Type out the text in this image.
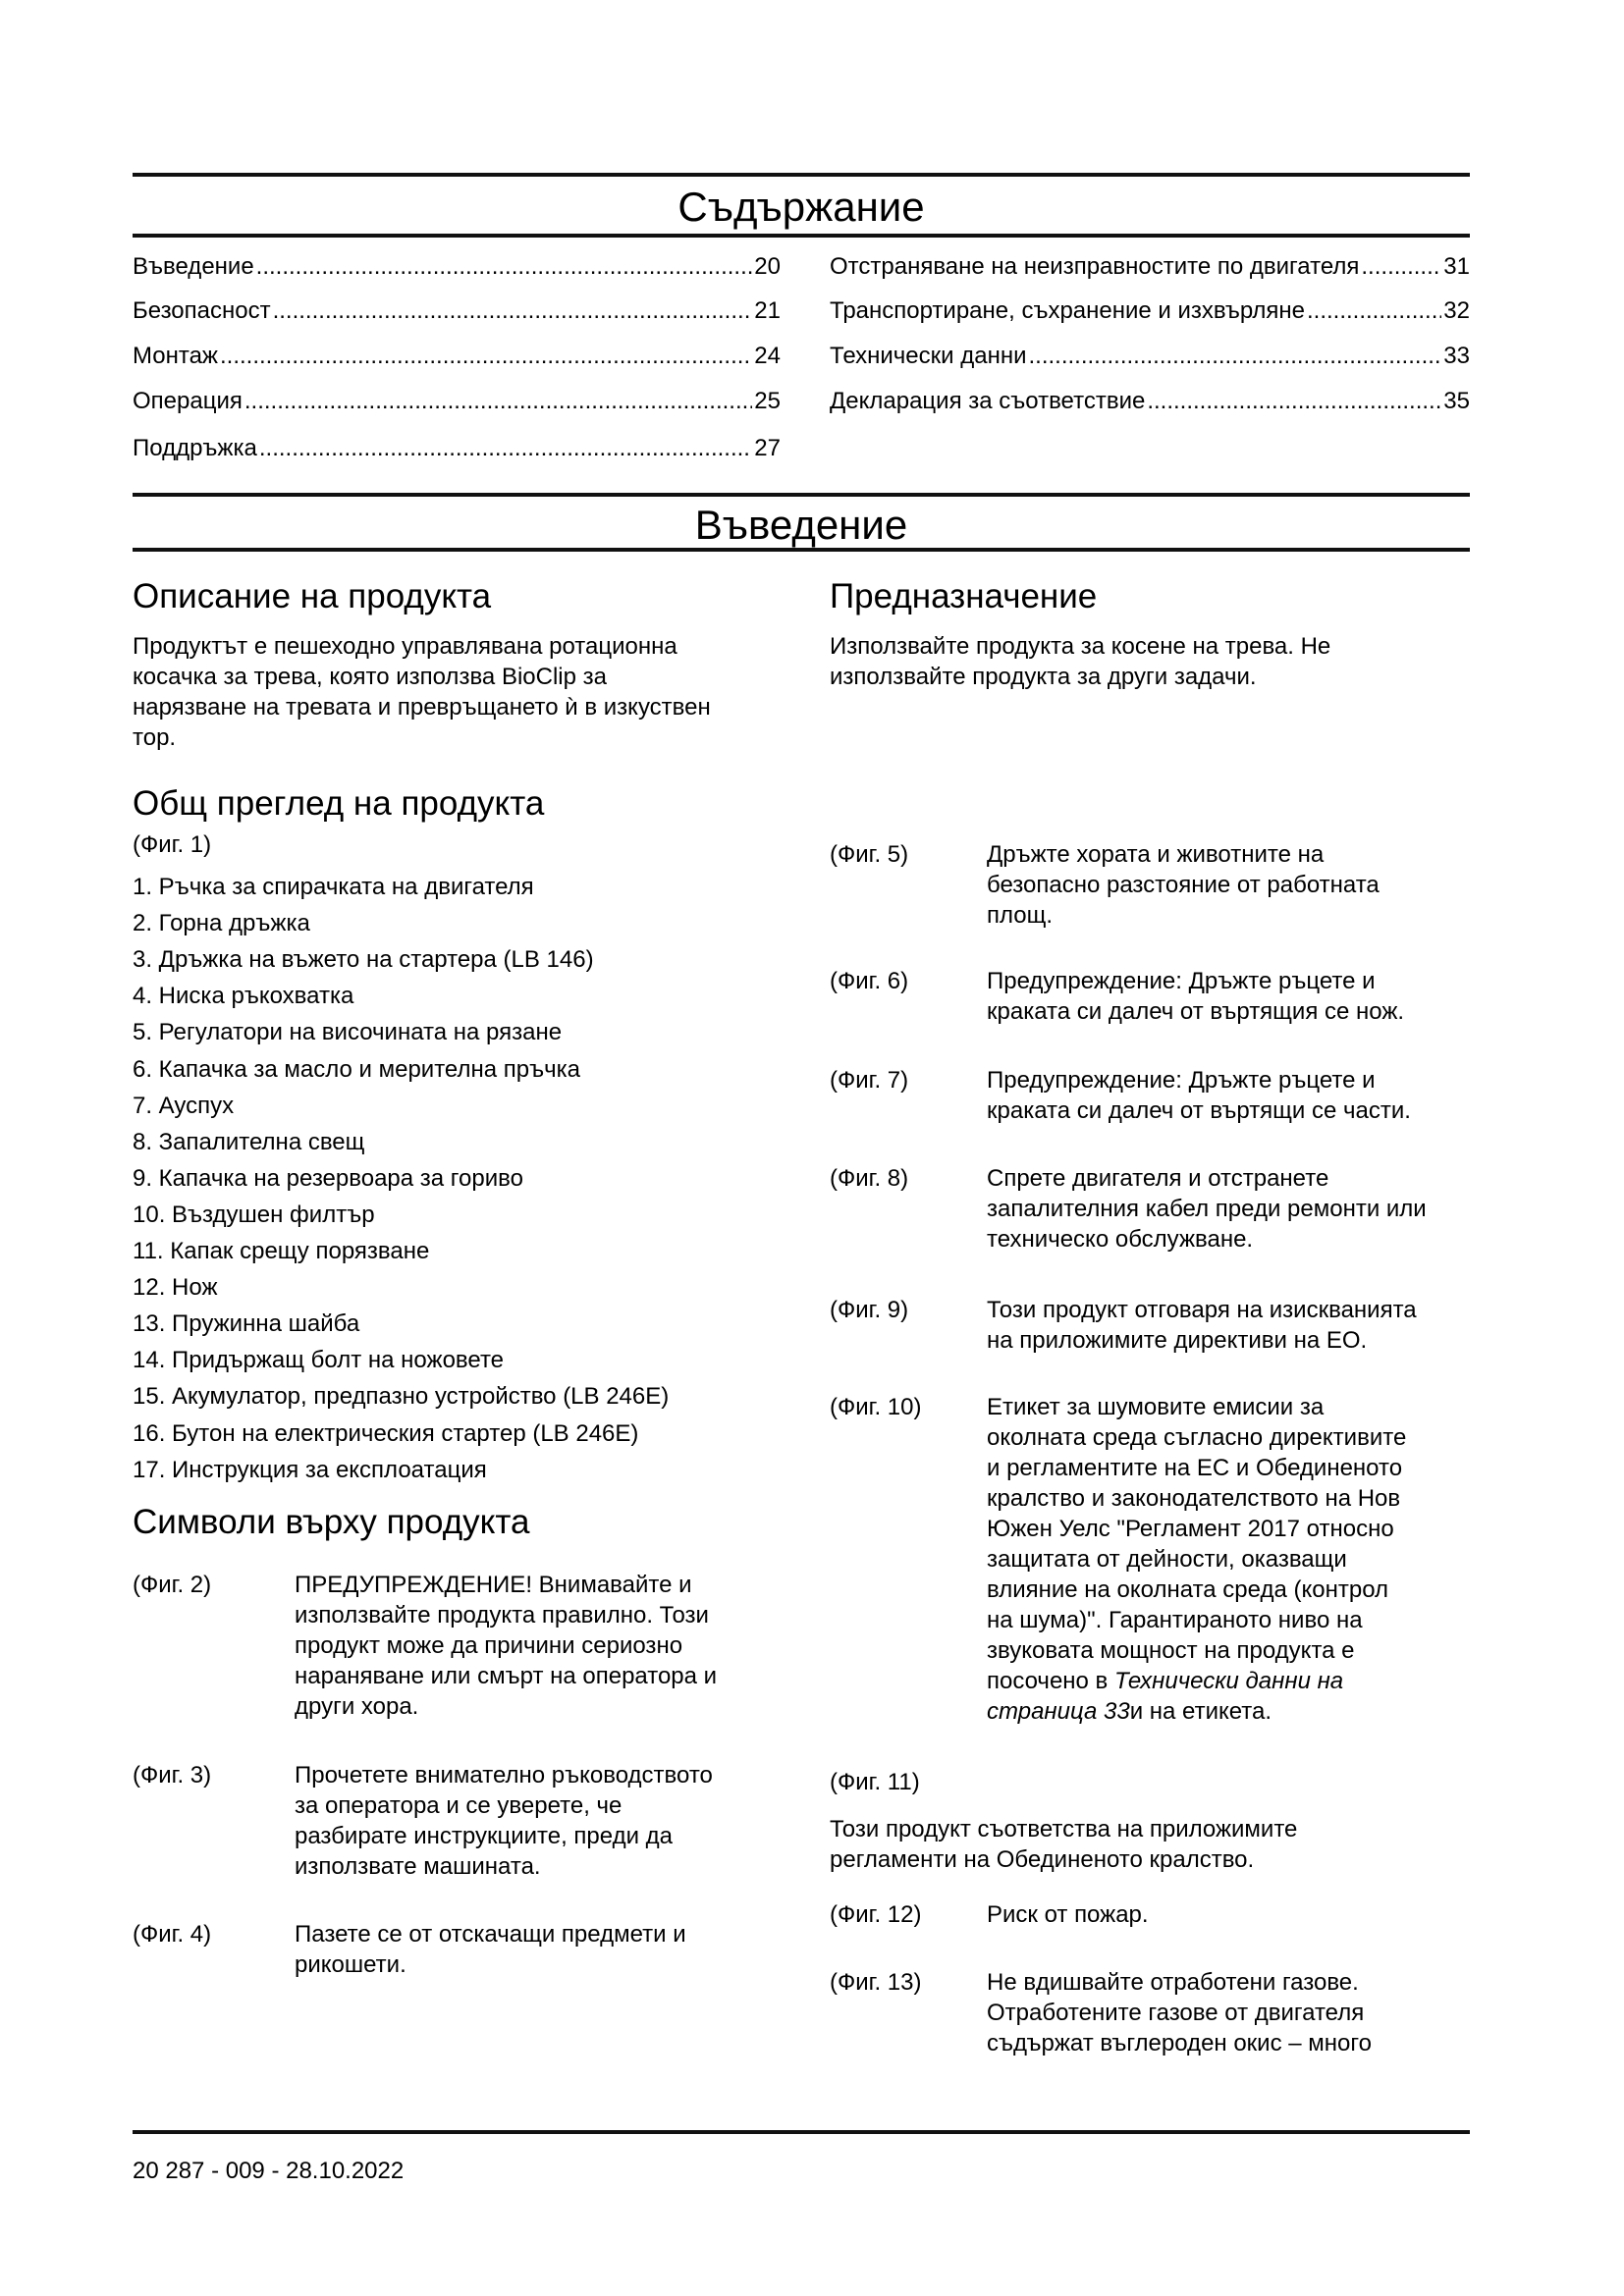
Съдържание
Въведение .....	20
Безопасност .....	21
Монтаж .....	24
Операция .....	25
Поддръжка .....	27
Отстраняване на неизправностите по двигателя .....	31
Транспортиране, съхранение и изхвърляне .....	32
Технически данни .....	33
Декларация за съответствие .....	35
Въведение
Описание на продукта
Продуктът е пешеходно управлявана ротационна
косачка за трева, която използва BioClip за
нарязване на тревата и превръщането ѝ в изкуствен
тор.
Предназначение
Използвайте продукта за косене на трева. Не
използвайте продукта за други задачи.
Общ преглед на продукта
(Фиг. 1)
1. Ръчка за спирачката на двигателя
2. Горна дръжка
3. Дръжка на въжето на стартера (LB 146)
4. Ниска ръкохватка
5. Регулатори на височината на рязане
6. Капачка за масло и мерителна пръчка
7. Ауспух
8. Запалителна свещ
9. Капачка на резервоара за гориво
10. Въздушен филтър
11. Капак срещу порязване
12. Нож
13. Пружинна шайба
14. Придържащ болт на ножовете
15. Акумулатор, предпазно устройство (LB 246E)
16. Бутон на електрическия стартер (LB 246E)
17. Инструкция за експлоатация
Символи върху продукта
(Фиг. 2)	ПРЕДУПРЕЖДЕНИЕ! Внимавайте и
използвайте продукта правилно. Този
продукт може да причини сериозно
нараняване или смърт на оператора и
други хора.
(Фиг. 3)	Прочетете внимателно ръководството
за оператора и се уверете, че
разбирате инструкциите, преди да
използвате машината.
(Фиг. 4)	Пазете се от отскачащи предмети и
рикошети.
(Фиг. 5)	Дръжте хората и животните на
безопасно разстояние от работната
площ.
(Фиг. 6)	Предупреждение: Дръжте ръцете и
краката си далеч от въртящия се нож.
(Фиг. 7)	Предупреждение: Дръжте ръцете и
краката си далеч от въртящи се части.
(Фиг. 8)	Спрете двигателя и отстранете
запалителния кабел преди ремонти или
техническо обслужване.
(Фиг. 9)	Този продукт отговаря на изискванията
на приложимите директиви на ЕО.
(Фиг. 12)	Риск от пожар.
(Фиг. 13)	Не вдишвайте отработени газове.
Отработените газове от двигателя
съдържат въглероден окис – много
(Фиг. 10)	Етикет за шумовите емисии за
околната среда съгласно директивите
и регламентите на ЕС и Обединеното
кралство и законодателството на Нов
Южен Уелс "Регламент 2017 относно
защитата от дейности, оказващи
влияние на околната среда (контрол
на шума)". Гарантираното ниво на
звуковата мощност на продукта е
посочено в Технически данни на
страница 33и на етикета.
(Фиг. 11)
Този продукт съответства на приложимите
регламенти на Обединеното кралство.
20 287 - 009 - 28.10.2022
